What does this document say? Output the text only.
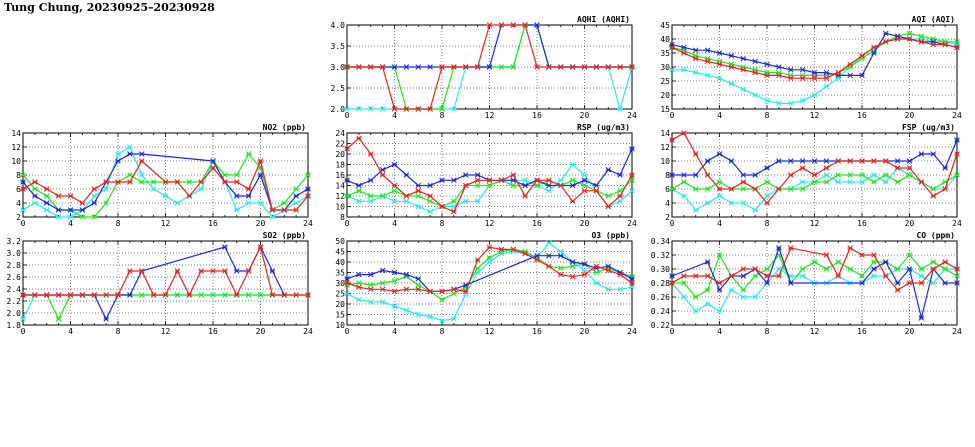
Tung Chung, 20230925–20230928
0	4	8	12	16	20	24
2.0
2.5
3.0
3.5
4.0
AQHI (AQHI)
0	4	8	12	16	20	24
15
20
25
30
35
40
45
AQI (AQI)
0	4	8	12	16	20	24
2
4
6
8
10
12
14
NO2 (ppb)
0	4	8	12	16	20	24
8
10
12
14
16
18
20
22
24
RSP (ug/m3)
0	4	8	12	16	20	24
2
4
6
8
10
12
14
FSP (ug/m3)
0	4	8	12	16	20	24
1.8
2.0
2.2
2.4
2.6
2.8
3.0
3.2
SO2 (ppb)
0	4	8	12	16	20	24
10
15
20
25
30
35
40
45
50
O3 (ppb)
0	4	8	12	16	20	24
0.22
0.24
0.26
0.28
0.30
0.32
0.34
CO (ppm)
